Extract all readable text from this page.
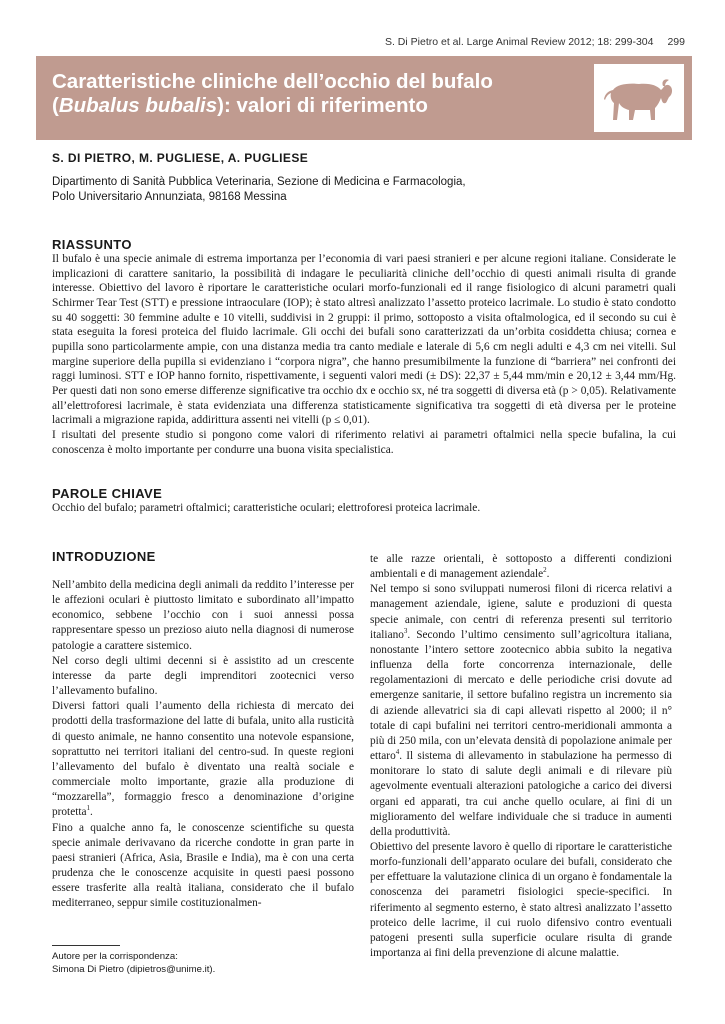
S. Di Pietro et al. Large Animal Review 2012; 18: 299-304 299
Caratteristiche cliniche dell’occhio del bufalo
(Bubalus bubalis): valori di riferimento
S. DI PIETRO, M. PUGLIESE, A. PUGLIESE
Dipartimento di Sanità Pubblica Veterinaria, Sezione di Medicina e Farmacologia,
Polo Universitario Annunziata, 98168 Messina
RIASSUNTO

Il bufalo è una specie animale di estrema importanza per l’economia di vari paesi stranieri e per alcune regioni italiane. Considerate le implicazioni di carattere sanitario, la possibilità di indagare le peculiarità cliniche dell’occhio di questi animali risulta di grande interesse. Obiettivo del lavoro è riportare le caratteristiche oculari morfo-funzionali ed il range fisiologico di alcuni parametri quali Schirmer Tear Test (STT) e pressione intraoculare (IOP); è stato altresì analizzato l’assetto proteico lacrimale. Lo studio è stato condotto su 40 soggetti: 30 femmine adulte e 10 vitelli, suddivisi in 2 gruppi: il primo, sottoposto a visita oftalmologica, ed il secondo su cui è stata eseguita la foresi proteica del fluido lacrimale. Gli occhi dei bufali sono caratterizzati da un’orbita cosiddetta chiusa; cornea e pupilla sono particolarmente ampie, con una distanza media tra canto mediale e laterale di 5,6 cm negli adulti e 4,3 cm nei vitelli. Sul margine superiore della pupilla si evidenziano i “corpora nigra”, che hanno presumibilmente la funzione di “barriera” nei confronti dei raggi luminosi. STT e IOP hanno fornito, rispettivamente, i seguenti valori medi (± DS): 22,37 ± 5,44 mm/min e 20,12 ± 3,44 mm/Hg. Per questi dati non sono emerse differenze significative tra occhio dx e occhio sx, né tra soggetti di diversa età (p > 0,05). Relativamente all’elettroforesi lacrimale, è stata evidenziata una differenza statisticamente significativa tra soggetti di età diversa per le proteine lacrimali a migrazione rapida, addirittura assenti nei vitelli (p ≤ 0,01).

I risultati del presente studio si pongono come valori di riferimento relativi ai parametri oftalmici nella specie bufalina, la cui conoscenza è molto importante per condurre una buona visita specialistica.

PAROLE CHIAVE
Occhio del bufalo; parametri oftalmici; caratteristiche oculari; elettroforesi proteica lacrimale.
INTRODUZIONE

Nell’ambito della medicina degli animali da reddito l’interesse per le affezioni oculari è piuttosto limitato e subordinato all’impatto economico, sebbene l’occhio con i suoi annessi possa rappresentare spesso un prezioso aiuto nella diagnosi di numerose patologie a carattere sistemico.

Nel corso degli ultimi decenni si è assistito ad un crescente interesse da parte degli imprenditori zootecnici verso l’allevamento bufalino.

Diversi fattori quali l’aumento della richiesta di mercato dei prodotti della trasformazione del latte di bufala, unito alla rusticità di questo animale, ne hanno consentito una notevole espansione, soprattutto nei territori italiani del centro-sud. In queste regioni l’allevamento del bufalo è diventato una realtà sociale e commerciale molto importante, grazie alla produzione di “mozzarella”, formaggio fresco a denominazione d’origine protetta$^1$.

Fino a qualche anno fa, le conoscenze scientifiche su questa specie animale derivavano da ricerche condotte in gran parte in paesi stranieri (Africa, Asia, Brasile e India), ma è con una certa prudenza che le conoscenze acquisite in questi paesi possono essere trasferite alla realtà italiana, considerato che il bufalo mediterraneo, seppur simile costituzionalmen-

te alle razze orientali, è sottoposto a differenti condizioni ambientali e di management aziendale$^2$.

Nel tempo si sono sviluppati numerosi filoni di ricerca relativi a management aziendale, igiene, salute e produzioni di questa specie animale, con centri di referenza presenti sul territorio italiano$^3$. Secondo l’ultimo censimento sull’agricoltura italiana, nonostante l’intero settore zootecnico abbia subito la negativa influenza della forte concorrenza internazionale, delle regolamentazioni di mercato e delle periodiche crisi dovute ad emergenze sanitarie, il settore bufalino registra un incremento sia di aziende allevatrici sia di capi allevati rispetto al 2000; il n° totale di capi bufalini nei territori centro-meridionali ammonta a più di 250 mila, con un’elevata densità di popolazione animale per ettaro$^4$. Il sistema di allevamento in stabulazione ha permesso di monitorare lo stato di salute degli animali e di rilevare più agevolmente eventuali alterazioni patologiche a carico dei diversi organi ed apparati, tra cui anche quello oculare, ai fini di un miglioramento del welfare individuale che si traduce in aumenti della produttività.

Obiettivo del presente lavoro è quello di riportare le caratteristiche morfo-funzionali dell’apparato oculare dei bufali, considerato che per effettuare la valutazione clinica di un organo è fondamentale la conoscenza dei parametri fisiologici specie-specifici. In riferimento al segmento esterno, è stato altresì analizzato l’assetto proteico delle lacrime, il cui ruolo difensivo contro eventuali patogeni presenti sulla superficie oculare risulta di grande importanza ai fini della prevenzione di alcune malattie.

Autore per la corrispondenza:
Simona Di Pietro (dipietros@unime.it).
